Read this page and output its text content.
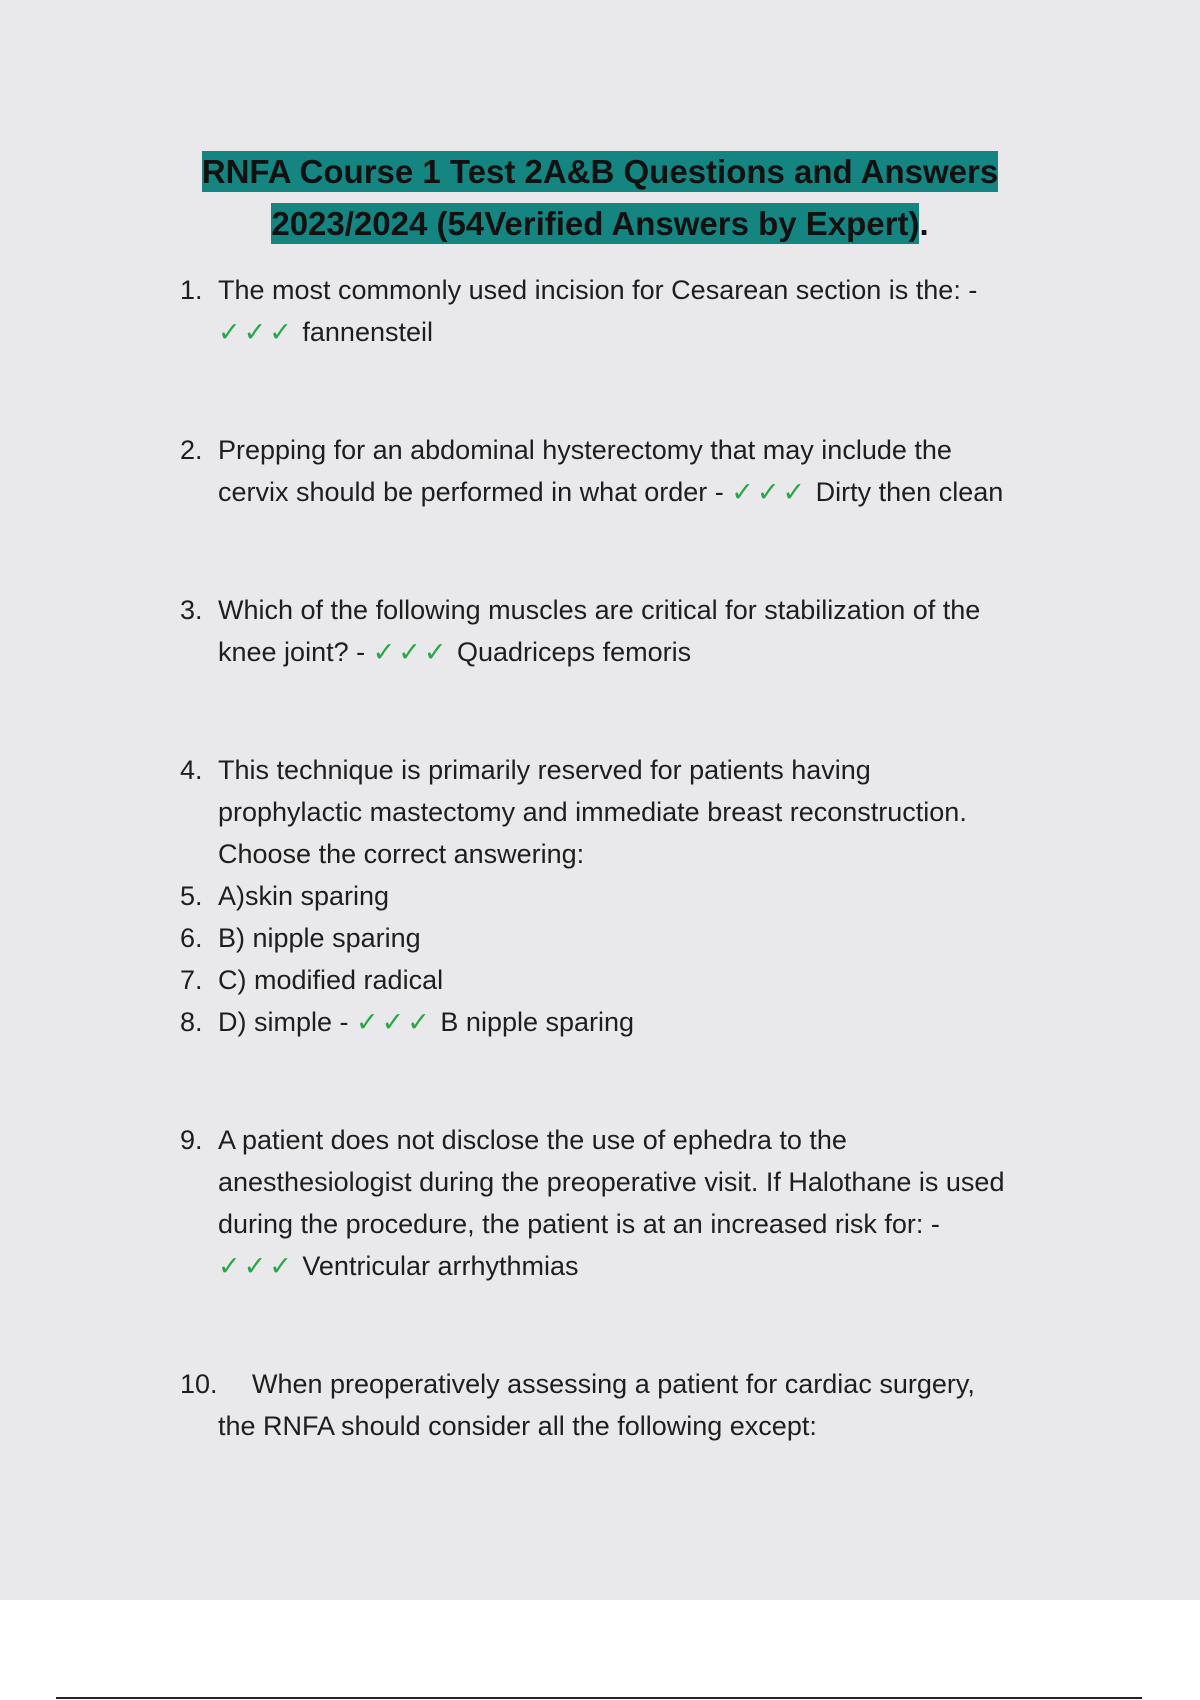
RNFA Course 1 Test 2A&B Questions and Answers
2023/2024 (54Verified Answers by Expert).
1. The most commonly used incision for Cesarean section is the: -
✓✓✓ fannensteil
2. Prepping for an abdominal hysterectomy that may include the
cervix should be performed in what order - ✓✓✓ Dirty then clean
3. Which of the following muscles are critical for stabilization of the
knee joint? - ✓✓✓ Quadriceps femoris
4. This technique is primarily reserved for patients having
prophylactic mastectomy and immediate breast reconstruction.
Choose the correct answering:
5. A)skin sparing
6. B) nipple sparing
7. C) modified radical
8. D) simple - ✓✓✓ B nipple sparing
9. A patient does not disclose the use of ephedra to the
anesthesiologist during the preoperative visit. If Halothane is used
during the procedure, the patient is at an increased risk for: -
✓✓✓ Ventricular arrhythmias
10.	When preoperatively assessing a patient for cardiac surgery,
the RNFA should consider all the following except:
